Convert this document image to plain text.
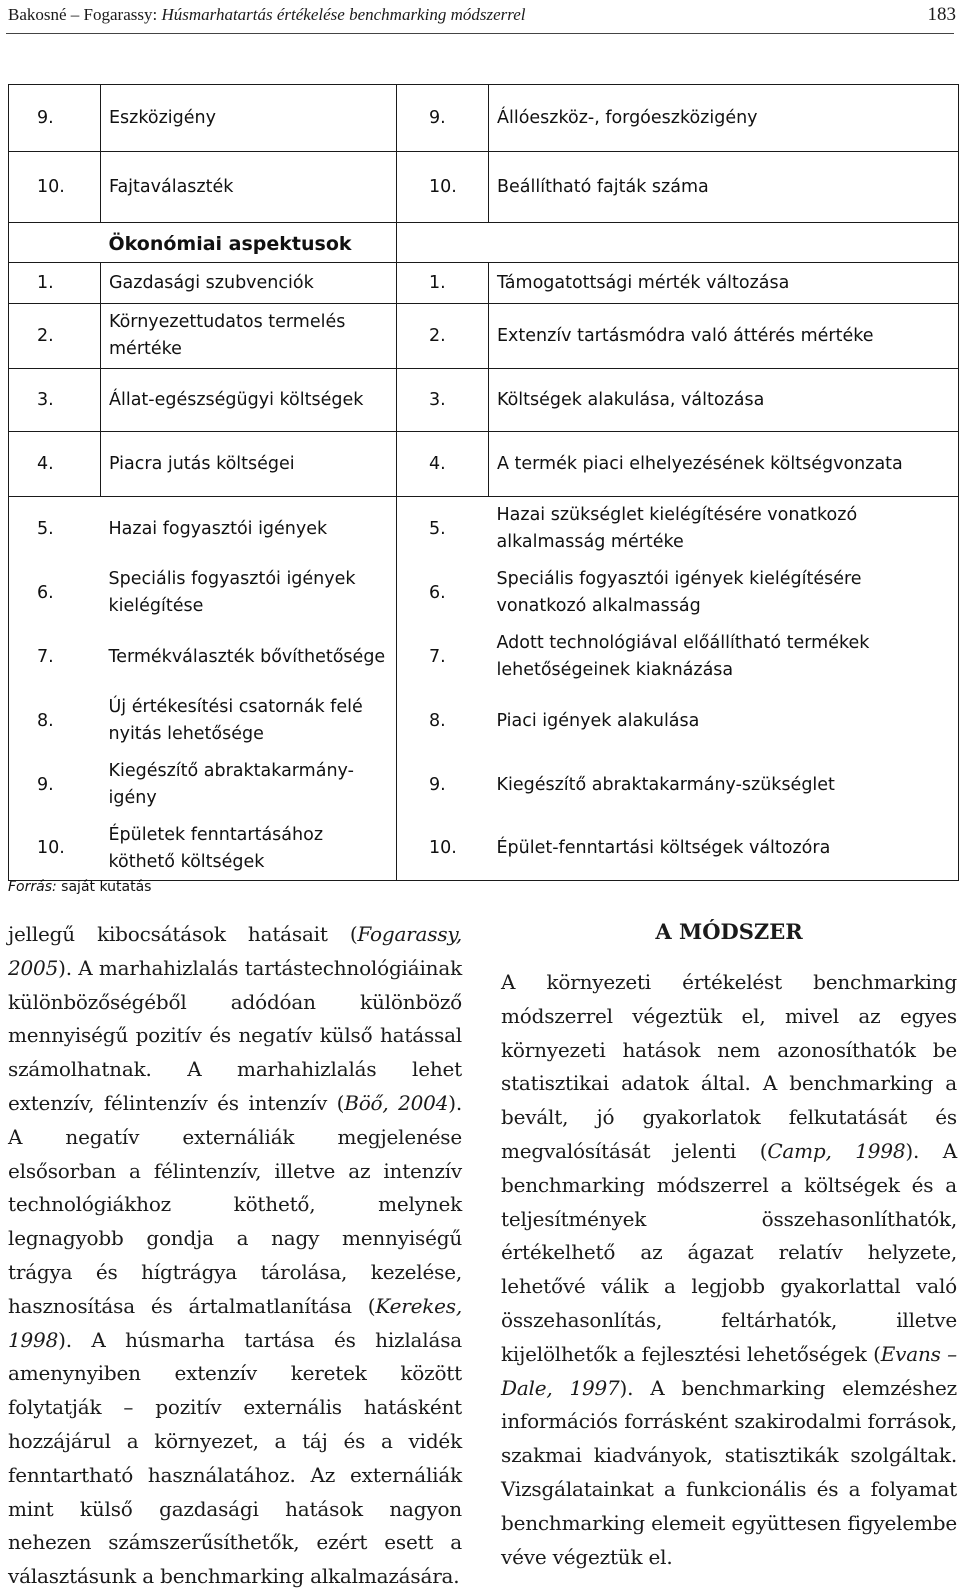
Bakosné – Fogarassy: Húsmarhatartás értékelése benchmarking módszerrel	183
9.	Eszközigény	9.	Állóeszköz-, forgóeszközigény
10.	Fajtaválaszték	10.	Beállítható fajták száma
	Ökonómiai aspektusok		
1.	Gazdasági szubvenciók	1.	Támogatottsági mérték változása
2.	Környezettudatos termelés mértéke	2.	Extenzív tartásmódra való áttérés mértéke
3.	Állat-egészségügyi költségek	3.	Költségek alakulása, változása
4.	Piacra jutás költségei	4.	A termék piaci elhelyezésének költségvonzata
5.	Hazai fogyasztói igények	5.	Hazai szükséglet kielégítésére vonatkozó alkalmasság mértéke
6.	Speciális fogyasztói igények kielégítése	6.	Speciális fogyasztói igények kielégítésére vonatkozó alkalmasság
7.	Termékválaszték bővíthetősége	7.	Adott technológiával előállítható termékek lehetőségeinek kiaknázása
8.	Új értékesítési csatornák felé nyitás lehetősége	8.	Piaci igények alakulása
9.	Kiegészítő abraktakarmány-igény	9.	Kiegészítő abraktakarmány-szükséglet
10.	Épületek fenntartásához köthető költségek	10.	Épület-fenntartási költségek változóra
Forrás: saját kutatás

jellegű kibocsátások hatásait (Fogarassy, 2005). A marhahizlalás tartástechnológiáinak különbözőségéből adódóan különböző mennyiségű pozitív és negatív külső hatással számolhatnak. A marhahizlalás lehet extenzív, félintenzív és intenzív (Böő, 2004). A negatív externáliák megjelenése elsősorban a félintenzív, illetve az intenzív technológiákhoz köthető, melynek legnagyobb gondja a nagy mennyiségű trágya és hígtrágya tárolása, kezelése, hasznosítása és ártalmatlanítása (Kerekes, 1998). A húsmarha tartása és hizlalása amenynyiben extenzív keretek között folytatják – pozitív externális hatásként hozzájárul a környezet, a táj és a vidék fenntartható használatához. Az externáliák mint külső gazdasági hatások nagyon nehezen számszerűsíthetők, ezért esett a választásunk a benchmarking alkalmazására.

A MÓDSZER

A környezeti értékelést benchmarking módszerrel végeztük el, mivel az egyes környezeti hatások nem azonosíthatók be statisztikai adatok által. A benchmarking a bevált, jó gyakorlatok felkutatását és megvalósítását jelenti (Camp, 1998). A benchmarking módszerrel a költségek és a teljesítmények összehasonlíthatók, értékelhető az ágazat relatív helyzete, lehetővé válik a legjobb gyakorlattal való összehasonlítás, feltárhatók, illetve kijelölhetők a fejlesztési lehetőségek (Evans – Dale, 1997). A benchmarking elemzéshez információs forrásként szakirodalmi források, szakmai kiadványok, statisztikák szolgáltak. Vizsgálatainkat a funkcionális és a folyamat benchmarking elemeit együttesen figyelembe véve végeztük el.
